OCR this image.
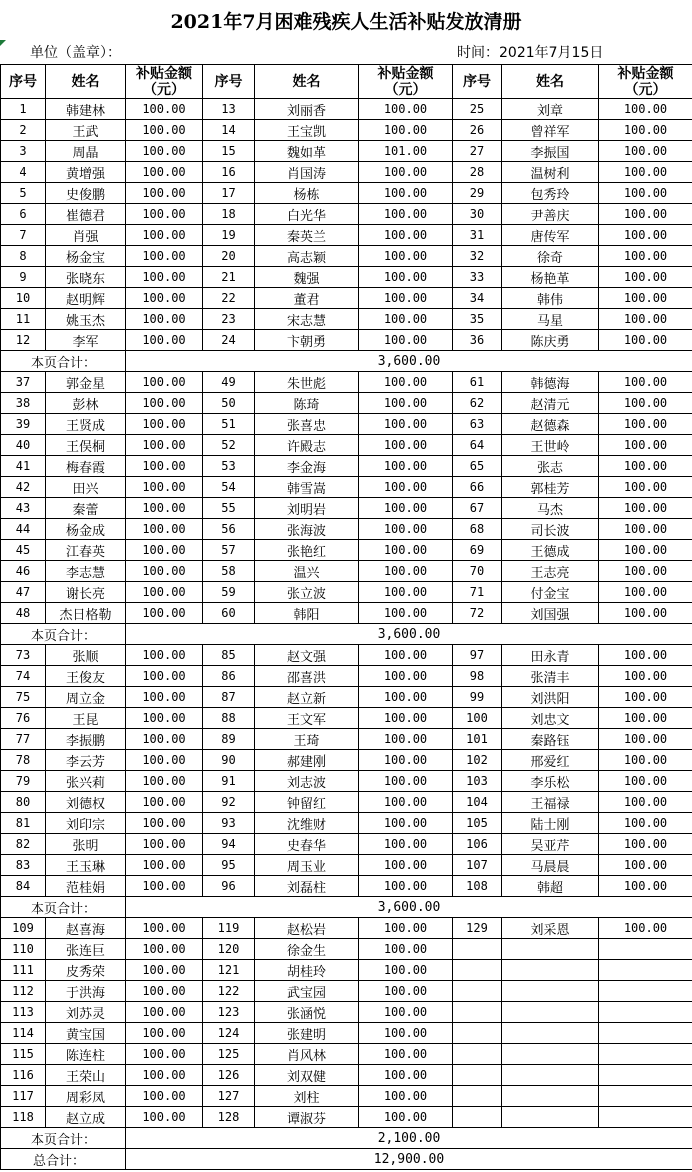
2021年7月困难残疾人生活补贴发放清册
单位（盖章）：	时间：2021年7月15日
序号	姓名	补贴金额
（元）	序号	姓名	补贴金额
（元）	序号	姓名	补贴金额
（元）
1	韩建林	100.00	13	刘丽香	100.00	25	刘章	100.00
2	王武	100.00	14	王宝凯	100.00	26	曾祥军	100.00
3	周晶	100.00	15	魏如革	101.00	27	李振国	100.00
4	黄增强	100.00	16	肖国涛	100.00	28	温树利	100.00
5	史俊鹏	100.00	17	杨栋	100.00	29	包秀玲	100.00
6	崔德君	100.00	18	白光华	100.00	30	尹善庆	100.00
7	肖强	100.00	19	秦英兰	100.00	31	唐传军	100.00
8	杨金宝	100.00	20	高志颖	100.00	32	徐奇	100.00
9	张晓东	100.00	21	魏强	100.00	33	杨艳革	100.00
10	赵明辉	100.00	22	董君	100.00	34	韩伟	100.00
11	姚玉杰	100.00	23	宋志慧	100.00	35	马星	100.00
12	李军	100.00	24	卞朝勇	100.00	36	陈庆勇	100.00
本页合计：		3,600.00						
37	郭金星	100.00	49	朱世彪	100.00	61	韩德海	100.00
38	彭林	100.00	50	陈琦	100.00	62	赵清元	100.00
39	王贤成	100.00	51	张喜忠	100.00	63	赵德森	100.00
40	王俣桐	100.00	52	许殿志	100.00	64	王世岭	100.00
41	梅春霞	100.00	53	李金海	100.00	65	张志	100.00
42	田兴	100.00	54	韩雪嵩	100.00	66	郭桂芳	100.00
43	秦蕾	100.00	55	刘明岩	100.00	67	马杰	100.00
44	杨金成	100.00	56	张海波	100.00	68	司长波	100.00
45	江春英	100.00	57	张艳红	100.00	69	王德成	100.00
46	李志慧	100.00	58	温兴	100.00	70	王志亮	100.00
47	谢长亮	100.00	59	张立波	100.00	71	付金宝	100.00
48	杰日格勒	100.00	60	韩阳	100.00	72	刘国强	100.00
本页合计：		3,600.00						
73	张顺	100.00	85	赵文强	100.00	97	田永青	100.00
74	王俊友	100.00	86	邵喜洪	100.00	98	张清丰	100.00
75	周立金	100.00	87	赵立新	100.00	99	刘洪阳	100.00
76	王昆	100.00	88	王文军	100.00	100	刘忠文	100.00
77	李振鹏	100.00	89	王琦	100.00	101	秦路钰	100.00
78	李云芳	100.00	90	郝建刚	100.00	102	邢爱红	100.00
79	张兴莉	100.00	91	刘志波	100.00	103	李乐松	100.00
80	刘德权	100.00	92	钟留红	100.00	104	王福禄	100.00
81	刘印宗	100.00	93	沈维财	100.00	105	陆士刚	100.00
82	张明	100.00	94	史春华	100.00	106	吴亚芹	100.00
83	王玉琳	100.00	95	周玉业	100.00	107	马晨晨	100.00
84	范桂娟	100.00	96	刘磊柱	100.00	108	韩超	100.00
本页合计：		3,600.00						
109	赵喜海	100.00	119	赵松岩	100.00	129	刘采恩	100.00
110	张连巨	100.00	120	徐金生	100.00			
111	皮秀荣	100.00	121	胡桂玲	100.00			
112	于洪海	100.00	122	武宝园	100.00			
113	刘苏灵	100.00	123	张涵悦	100.00			
114	黄宝国	100.00	124	张建明	100.00			
115	陈连柱	100.00	125	肖风林	100.00			
116	王荣山	100.00	126	刘双健	100.00			
117	周彩凤	100.00	127	刘柱	100.00			
118	赵立成	100.00	128	谭淑芬	100.00			
本页合计：		2,100.00						
总合计：		12,900.00						
